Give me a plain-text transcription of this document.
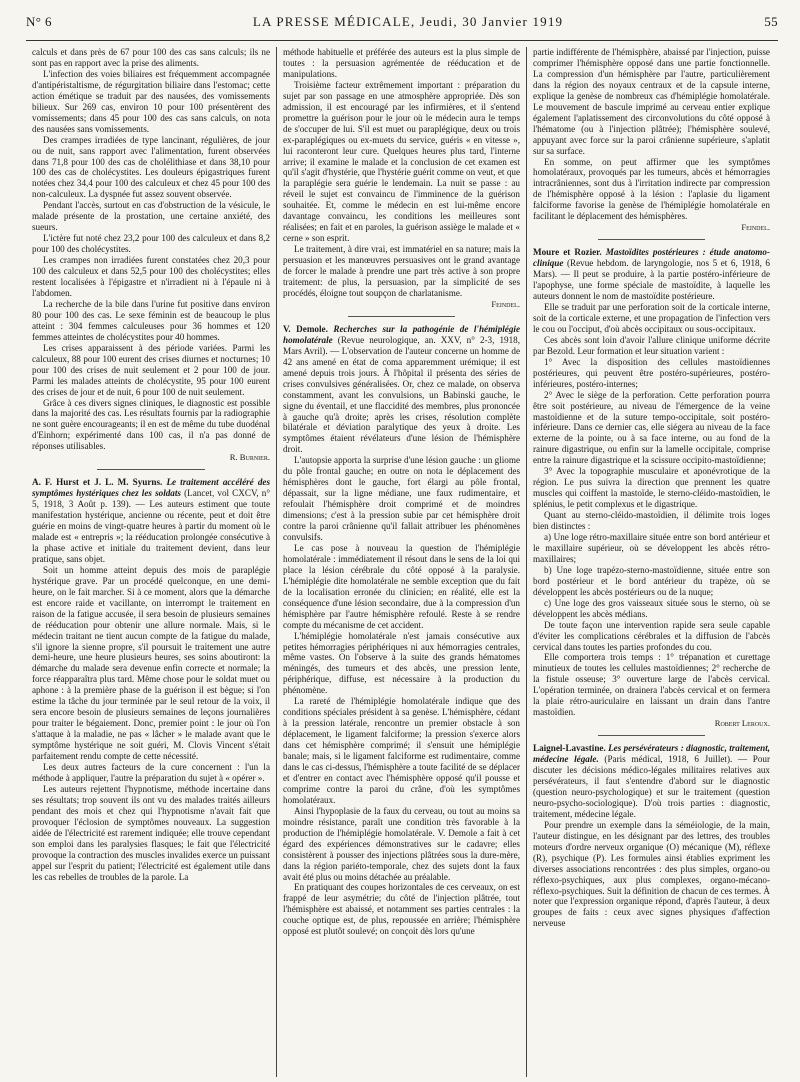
N° 6	LA PRESSE MÉDICALE, Jeudi, 30 Janvier 1919	55

calculs et dans près de 67 pour 100 des cas sans calculs; ils ne sont pas en rapport avec la prise des aliments.

L'infection des voies biliaires est fréquemment accompagnée d'antipéristaltisme, de régurgitation biliaire dans l'estomac; cette action émétique se traduit par des nausées, des vomissements bilieux. Sur 269 cas, environ 10 pour 100 présentèrent des vomissements; dans 45 pour 100 des cas sans calculs, on nota des nausées sans vomissements.

Des crampes irradiées de type lancinant, régulières, de jour ou de nuit, sans rapport avec l'alimentation, furent observées dans 71,8 pour 100 des cas de cholélithiase et dans 38,10 pour 100 des cas de cholécystites. Les douleurs épigastriques furent notées chez 34,4 pour 100 des calculeux et chez 45 pour 100 des non-calculeux. La dyspnée fut assez souvent observée.

Pendant l'accès, surtout en cas d'obstruction de la vésicule, le malade présente de la prostation, une certaine anxiété, des sueurs.

L'ictère fut noté chez 23,2 pour 100 des calculeux et dans 8,2 pour 100 des cholécystites.

Les crampes non irradiées furent constatées chez 20,3 pour 100 des calculeux et dans 52,5 pour 100 des cholécystites; elles restent localisées à l'épigastre et n'irradient ni à l'épaule ni à l'abdomen.

La recherche de la bile dans l'urine fut positive dans environ 80 pour 100 des cas. Le sexe féminin est de beaucoup le plus atteint : 304 femmes calculeuses pour 36 hommes et 120 femmes atteintes de cholécystites pour 40 hommes.

Les crises apparaissent à des période variées. Parmi les calculeux, 88 pour 100 eurent des crises diurnes et nocturnes; 10 pour 100 des crises de nuit seulement et 2 pour 100 de jour. Parmi les malades atteints de cholécystite, 95 pour 100 eurent des crises de jour et de nuit, 6 pour 100 de nuit seulement.

Grâce à ces divers signes cliniques, le diagnostic est possible dans la majorité des cas. Les résultats fournis par la radiographie ne sont guère encourageants; il en est de même du tube duodénal d'Einhorn; expérimenté dans 100 cas, il n'a pas donné de réponses utilisables.

R. Burnier.

A. F. Hurst et J. L. M. Syurns. Le traitement accéléré des symptômes hystériques chez les soldats (Lancet, vol CXCV, n° 5, 1918, 3 Août p. 139). — Les auteurs estiment que toute manifestation hystérique, ancienne ou récente, peut et doit être guérie en moins de vingt-quatre heures à partir du moment où le malade est « entrepris »; la rééducation prolongée consécutive à la phase active et initiale du traitement devient, dans leur pratique, sans objet.

Soit un homme atteint depuis des mois de paraplégie hystérique grave. Par un procédé quelconque, en une demi-heure, on le fait marcher. Si à ce moment, alors que la démarche est encore raide et vacillante, on interrompt le traitement en raison de la fatigue accusée, il sera besoin de plusieurs semaines de rééducation pour obtenir une allure normale. Mais, si le médecin traitant ne tient aucun compte de la fatigue du malade, s'il ignore la sienne propre, s'il poursuit le traitement une autre demi-heure, une heure plusieurs heures, ses soins aboutiront: la démarche du malade sera devenue enfin correcte et normale; la force réapparaîtra plus tard. Même chose pour le soldat muet ou aphone : à la première phase de la guérison il est bègue; si l'on estime la tâche du jour terminée par le seul retour de la voix, il sera encore besoin de plusieurs semaines de leçons journalières pour traiter le bégaiement. Donc, premier point : le jour où l'on s'attaque à la maladie, ne pas « lâcher » le malade avant que le symptôme hystérique ne soit guéri, M. Clovis Vincent s'était parfaitement rendu compte de cette nécessité.

Les deux autres facteurs de la cure concernent : l'un la méthode à appliquer, l'autre la préparation du sujet à « opérer ».

Les auteurs rejettent l'hypnotisme, méthode incertaine dans ses résultats; trop souvent ils ont vu des malades traités ailleurs pendant des mois et chez qui l'hypnotisme n'avait fait que provoquer l'éclosion de symptômes nouveaux. La suggestion aidée de l'électricité est rarement indiquée; elle trouve cependant son emploi dans les paralysies flasques; le fait que l'électricité provoque la contraction des muscles invalides exerce un puissant appel sur l'esprit du patient; l'électricité est également utile dans les cas rebelles de troubles de la parole. La

méthode habituelle et préférée des auteurs est la plus simple de toutes : la persuasion agrémentée de rééducation et de manipulations.

Troisième facteur extrêmement important : préparation du sujet par son passage en une atmosphère appropriée. Dès son admission, il est encouragé par les infirmières, et il s'entend promettre la guérison pour le jour où le médecin aura le temps de s'occuper de lui. S'il est muet ou paraplégique, deux ou trois ex-paraplégiques ou ex-muets du service, guéris « en vitesse », lui raconteront leur cure. Quelques heures plus tard, l'interne arrive; il examine le malade et la conclusion de cet examen est qu'il s'agit d'hystérie, que l'hystérie guérit comme on veut, et que la paraplégie sera guérie le lendemain. La nuit se passe : au réveil le sujet est convaincu de l'imminence de la guérison souhaitée. Et, comme le médecin en est lui-même encore davantage convaincu, les conditions les meilleures sont réalisées; en fait et en paroles, la guérison assiège le malade et « cerne » son esprit.

Le traitement, à dire vrai, est immatériel en sa nature; mais la persuasion et les manœuvres persuasives ont le grand avantage de forcer le malade à prendre une part très active à son propre traitement: de plus, la persuasion, par la simplicité de ses procédés, éloigne tout soupçon de charlatanisme.

Feindel.

V. Demole. Recherches sur la pathogénie de l'hémiplégie homolatérale (Revue neurologique, an. XXV, n° 2-3, 1918, Mars Avril). — L'observation de l'auteur concerne un homme de 42 ans amené en état de coma apparemment urémique; il est amené depuis trois jours. À l'hôpital il présenta des séries de crises convulsives généralisées. Or, chez ce malade, on observa constamment, avant les convulsions, un Babinski gauche, le signe du éventail, et une flaccidité des membres, plus prononcée à gauche qu'à droite; après les crises, résolution complète bilatérale et déviation paralytique des yeux à droite. Les symptômes étaient révélateurs d'une lésion de l'hémisphère droit.

L'autopsie apporta la surprise d'une lésion gauche : un gliome du pôle frontal gauche; en outre on nota le déplacement des hémisphères dont le gauche, fort élargi au pôle frontal, dépassait, sur la ligne médiane, une faux rudimentaire, et refoulait l'hémisphère droit comprimé et de moindres dimensions; c'est à la pression subie par cet hémisphère droit contre la paroi crânienne qu'il fallait attribuer les phénomènes convulsifs.

Le cas pose à nouveau la question de l'hémiplégie homolatérale : immédiatement il résout dans le sens de la loi qui place la lésion cérébrale du côté opposé à la paralysie. L'hémiplégie dite homolatérale ne semble exception que du fait de la localisation erronée du clinicien; en réalité, elle est la conséquence d'une lésion secondaire, due à la compression d'un hémisphère par l'autre hémisphère refoulé. Reste à se rendre compte du mécanisme de cet accident.

L'hémiplégie homolatérale n'est jamais consécutive aux petites hémorragies périphériques ni aux hémorragies centrales, même vastes. On l'observe à la suite des grands hématomes méningés, des tumeurs et des abcès, une pression lente, périphérique, diffuse, est nécessaire à la production du phénomène.

La rareté de l'hémiplégie homolatérale indique que des conditions spéciales président à sa genèse. L'hémisphère, cédant à la pression latérale, rencontre un premier obstacle à son déplacement, le ligament falciforme; la pression s'exerce alors dans cet hémisphère comprimé; il s'ensuit une hémiplégie banale; mais, si le ligament falciforme est rudimentaire, comme dans le cas ci-dessus, l'hémisphère a toute facilité de se déplacer et d'entrer en contact avec l'hémisphère opposé qu'il pousse et comprime contre la paroi du crâne, d'où les symptômes homolatéraux.

Ainsi l'hypoplasie de la faux du cerveau, ou tout au moins sa moindre résistance, paraît une condition très favorable à la production de l'hémiplégie homolatérale. V. Demole a fait à cet égard des expériences démonstratives sur le cadavre; elles consistèrent à pousser des injections plâtrées sous la dure-mère, dans la région pariéto-temporale, chez des sujets dont la faux avait été plus ou moins détachée au préalable.

En pratiquant des coupes horizontales de ces cerveaux, on est frappé de leur asymétrie; du côté de l'injection plâtrée, tout l'hémisphère est abaissé, et notamment ses parties centrales : la couche optique est, de plus, repoussée en arrière; l'hémisphère opposé est plutôt soulevé; on conçoit dès lors qu'une

partie indifférente de l'hémisphère, abaissé par l'injection, puisse comprimer l'hémisphère opposé dans une partie fonctionnelle. La compression d'un hémisphère par l'autre, particulièrement dans la région des noyaux centraux et de la capsule interne, explique la genèse de nombreux cas d'hémiplégie homolatérale. Le mouvement de bascule imprimé au cerveau entier explique également l'aplatissement des circonvolutions du côté opposé à l'hématome (ou à l'injection plâtrée); l'hémisphère soulevé, appuyant avec force sur la paroi crânienne supérieure, s'aplatit sur sa surface.

En somme, on peut affirmer que les symptômes homolatéraux, provoqués par les tumeurs, abcès et hémorragies intracrâniennes, sont dus à l'irritation indirecte par compression de l'hémisphère opposé à la lésion : l'aplasie du ligament falciforme favorise la genèse de l'hémiplégie homolatérale en facilitant le déplacement des hémisphères.

Feindel.

Moure et Rozier. Mastoïdites postérieures : étude anatomo-clinique (Revue hebdom. de laryngologie, nos 5 et 6, 1918, 6 Mars). — Il peut se produire, à la partie postéro-inférieure de l'apophyse, une forme spéciale de mastoïdite, à laquelle les auteurs donnent le nom de mastoïdite postérieure.

Elle se traduit par une perforation soit de la corticale interne, soit de la corticale externe, et une propagation de l'infection vers le cou ou l'occiput, d'où abcès occipitaux ou sous-occipitaux.

Ces abcès sont loin d'avoir l'allure clinique uniforme décrite par Bezold. Leur formation et leur situation varient :

1° Avec la disposition des cellules mastoïdiennes postérieures, qui peuvent être postéro-supérieures, postéro-inférieures, postéro-internes;

2° Avec le siège de la perforation. Cette perforation pourra être soit postérieure, au niveau de l'émergence de la veine mastoïdienne et de la suture tempo-occipitale, soit postéro-inférieure. Dans ce dernier cas, elle siégera au niveau de la face externe de la pointe, ou à sa face interne, ou au fond de la rainure digastrique, ou enfin sur la lamelle occipitale, comprise entre la rainure digastrique et la scissure occipito-mastoïdienne;

3° Avec la topographie musculaire et aponévrotique de la région. Le pus suivra la direction que prennent les quatre muscles qui coiffent la mastoïde, le sterno-cléido-mastoïdien, le splénius, le petit complexus et le digastrique.

Quant au sterno-cléido-mastoïdien, il délimite trois loges bien distinctes :

a) Une loge rétro-maxillaire située entre son bord antérieur et le maxillaire supérieur, où se développent les abcès rétro-maxillaires;

b) Une loge trapézo-sterno-mastoïdienne, située entre son bord postérieur et le bord antérieur du trapèze, où se développent les abcès postérieurs ou de la nuque;

c) Une loge des gros vaisseaux située sous le sterno, où se développent les abcès médians.

De toute façon une intervention rapide sera seule capable d'éviter les complications cérébrales et la diffusion de l'abcès cervical dans toutes les parties profondes du cou.

Elle comportera trois temps : 1° trépanation et curettage minutieux de toutes les cellules mastoïdiennes; 2° recherche de la fistule osseuse; 3° ouverture large de l'abcès cervical. L'opération terminée, on drainera l'abcès cervical et on fermera la plaie rétro-auriculaire en laissant un drain dans l'antre mastoïdien.

Robert Leroux.

Laignel-Lavastine. Les persévérateurs : diagnostic, traitement, médecine légale. (Paris médical, 1918, 6 Juillet). — Pour discuter les décisions médico-légales militaires relatives aux persévérateurs, il faut s'entendre d'abord sur le diagnostic (question neuro-psychologique) et sur le traitement (question neuro-psycho-sociologique). D'où trois parties : diagnostic, traitement, médecine légale.

Pour prendre un exemple dans la séméiologie, de la main, l'auteur distingue, en les désignant par des lettres, des troubles moteurs d'ordre nerveux organique (O) mécanique (M), réflexe (R), psychique (P). Les formules ainsi établies expriment les diverses associations rencontrées : des plus simples, organo-ou réflexo-psychiques, aux plus complexes, organo-mécano-réflexo-psychiques. Suit la définition de chacun de ces termes. À noter que l'expression organique répond, d'après l'auteur, à deux groupes de faits : ceux avec signes physiques d'affection nerveuse
